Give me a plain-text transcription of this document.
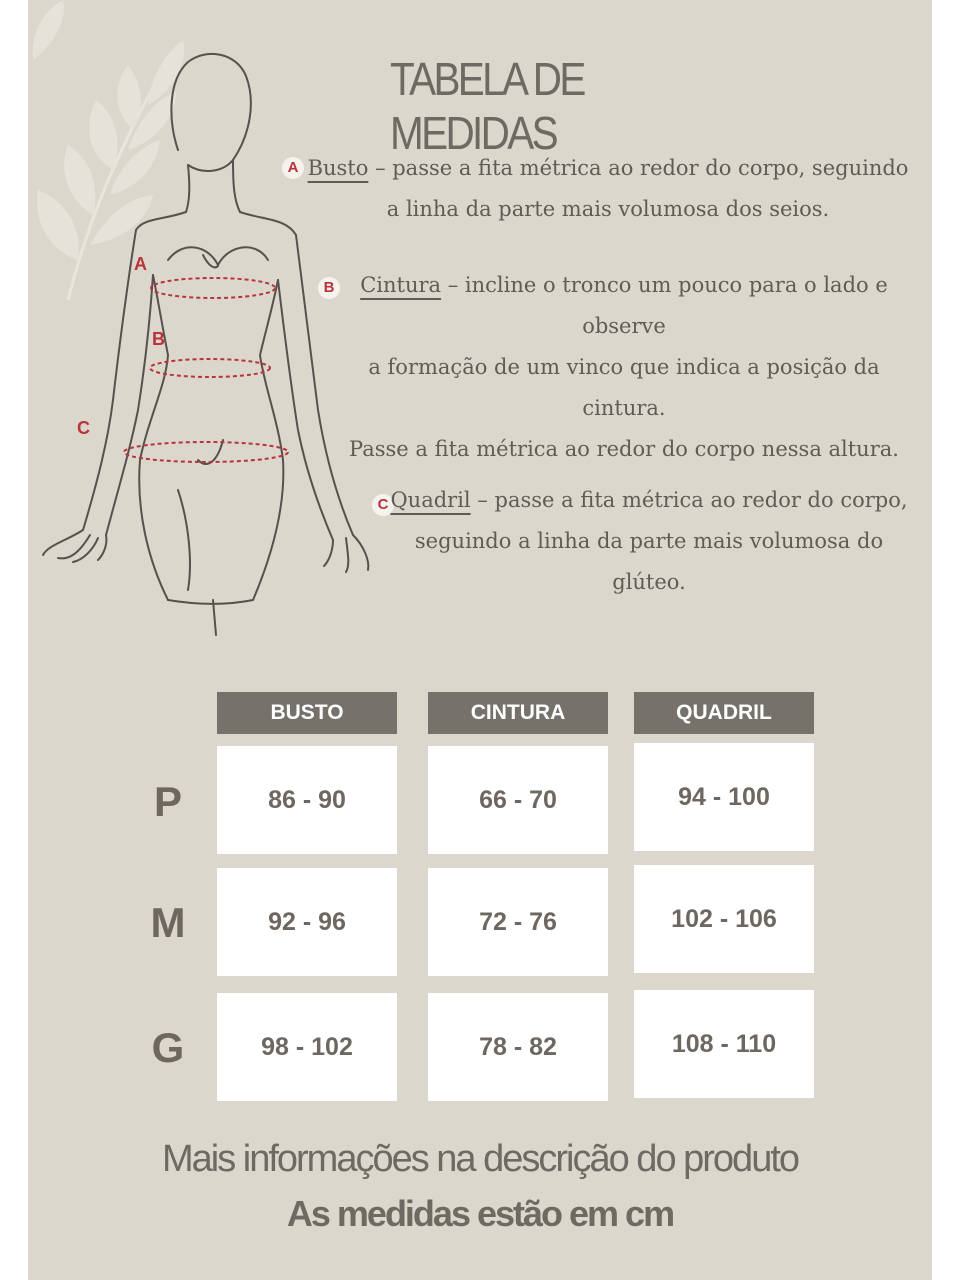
A
B
C
TABELA DE MEDIDAS
A Busto – passe a fita métrica ao redor do corpo, seguindo
a linha da parte mais volumosa dos seios.
B	Cintura – incline o tronco um pouco para o lado e
observe
a formação de um vinco que indica a posição da cintura.
Passe a fita métrica ao redor do corpo nessa altura.
C Quadril – passe a fita métrica ao redor do corpo,
seguindo a linha da parte mais volumosa do
glúteo.
BUSTO	CINTURA	QUADRIL
P	86 - 90	66 - 70	94 - 100
M	92 - 96	72 - 76	102 - 106
G	98 - 102	78 - 82	108 - 110
Mais informações na descrição do produto
As medidas estão em cm
